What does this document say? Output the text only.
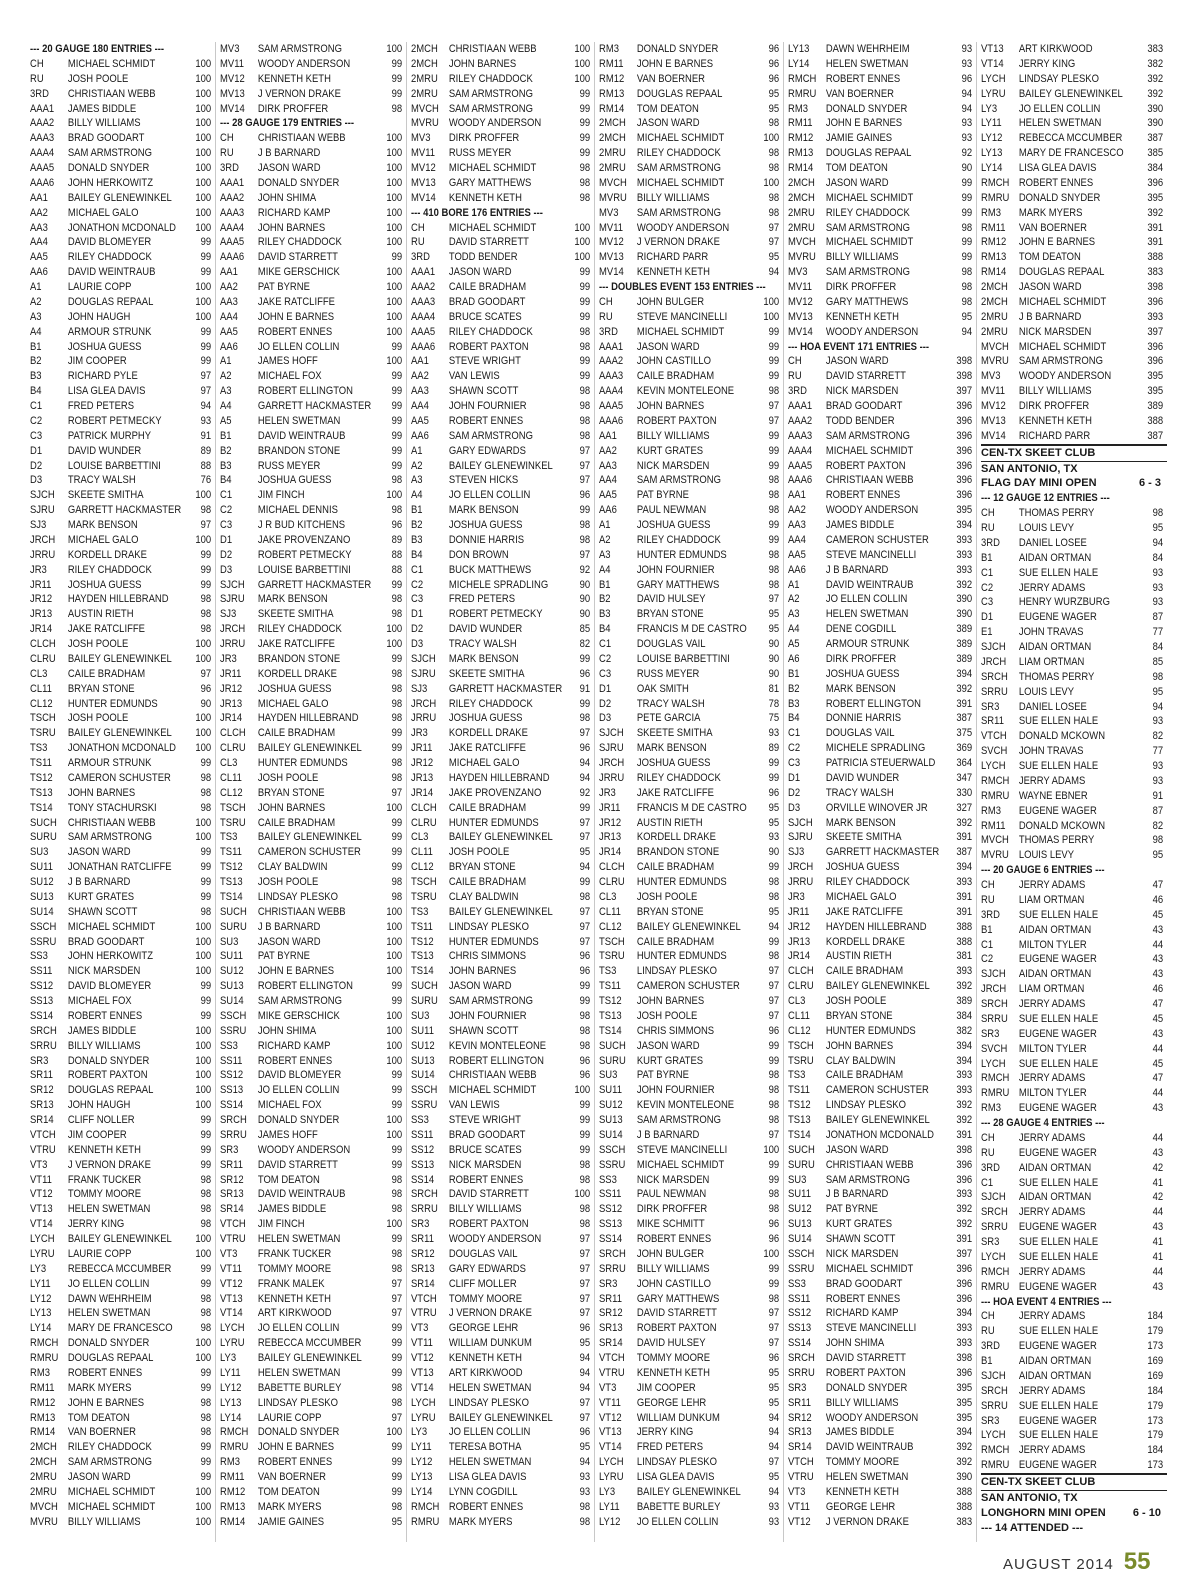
--- 20 GAUGE 180 ENTRIES ---
CH	MICHAEL SCHMIDT	100
RU	JOSH POOLE	100
3RD	CHRISTIAAN WEBB	100
AAA1	JAMES BIDDLE	100
AAA2	BILLY WILLIAMS	100
AAA3	BRAD GOODART	100
AAA4	SAM ARMSTRONG	100
AAA5	DONALD SNYDER	100
AAA6	JOHN HERKOWITZ	100
AA1	BAILEY GLENEWINKEL	100
AA2	MICHAEL GALO	100
AA3	JONATHON MCDONALD	100
AA4	DAVID BLOMEYER	99
AA5	RILEY CHADDOCK	99
AA6	DAVID WEINTRAUB	99
A1	LAURIE COPP	100
A2	DOUGLAS REPAAL	100
A3	JOHN HAUGH	100
A4	ARMOUR STRUNK	99
B1	JOSHUA GUESS	99
B2	JIM COOPER	99
B3	RICHARD PYLE	97
B4	LISA GLEA DAVIS	97
C1	FRED PETERS	94
C2	ROBERT PETMECKY	93
C3	PATRICK MURPHY	91
D1	DAVID WUNDER	89
D2	LOUISE BARBETTINI	88
D3	TRACY WALSH	76
SJCH	SKEETE SMITHA	100
SJRU	GARRETT HACKMASTER	98
SJ3	MARK BENSON	97
JRCH	MICHAEL GALO	100
JRRU	KORDELL DRAKE	99
JR3	RILEY CHADDOCK	99
JR11	JOSHUA GUESS	99
JR12	HAYDEN HILLEBRAND	98
JR13	AUSTIN RIETH	98
JR14	JAKE RATCLIFFE	98
CLCH	JOSH POOLE	100
CLRU	BAILEY GLENEWINKEL	100
CL3	CAILE BRADHAM	97
CL11	BRYAN STONE	96
CL12	HUNTER EDMUNDS	90
TSCH	JOSH POOLE	100
TSRU	BAILEY GLENEWINKEL	100
TS3	JONATHON MCDONALD	100
TS11	ARMOUR STRUNK	99
TS12	CAMERON SCHUSTER	98
TS13	JOHN BARNES	98
TS14	TONY STACHURSKI	98
SUCH	CHRISTIAAN WEBB	100
SURU	SAM ARMSTRONG	100
SU3	JASON WARD	99
SU11	JONATHAN RATCLIFFE	99
SU12	J B BARNARD	99
SU13	KURT GRATES	99
SU14	SHAWN SCOTT	98
SSCH	MICHAEL SCHMIDT	100
SSRU	BRAD GOODART	100
SS3	JOHN HERKOWITZ	100
SS11	NICK MARSDEN	100
SS12	DAVID BLOMEYER	99
SS13	MICHAEL FOX	99
SS14	ROBERT ENNES	99
SRCH	JAMES BIDDLE	100
SRRU	BILLY WILLIAMS	100
SR3	DONALD SNYDER	100
SR11	ROBERT PAXTON	100
SR12	DOUGLAS REPAAL	100
SR13	JOHN HAUGH	100
SR14	CLIFF NOLLER	99
VTCH	JIM COOPER	99
VTRU	KENNETH KETH	99
VT3	J VERNON DRAKE	99
VT11	FRANK TUCKER	98
VT12	TOMMY MOORE	98
VT13	HELEN SWETMAN	98
VT14	JERRY KING	98
LYCH	BAILEY GLENEWINKEL	100
LYRU	LAURIE COPP	100
LY3	REBECCA MCCUMBER	99
LY11	JO ELLEN COLLIN	99
LY12	DAWN WEHRHEIM	98
LY13	HELEN SWETMAN	98
LY14	MARY DE FRANCESCO	98
RMCH DONALD SNYDER	100
RMRU DOUGLAS REPAAL	100
RM3	ROBERT ENNES	99
RM11	MARK MYERS	99
RM12	JOHN E BARNES	98
RM13	TOM DEATON	98
RM14	VAN BOERNER	98
2MCH	RILEY CHADDOCK	99
2MCH	SAM ARMSTRONG	99
2MRU	JASON WARD	99
2MRU	MICHAEL SCHMIDT	100
MVCH MICHAEL SCHMIDT	100
MVRU BILLY WILLIAMS	100
MV3	SAM ARMSTRONG	100
MV11	WOODY ANDERSON	99
MV12	KENNETH KETH	99
MV13	J VERNON DRAKE	99
MV14	DIRK PROFFER	98
--- 28 GAUGE 179 ENTRIES ---
CH	CHRISTIAAN WEBB	100
RU	J B BARNARD	100
3RD	JASON WARD	100
AAA1	DONALD SNYDER	100
AAA2	JOHN SHIMA	100
AAA3	RICHARD KAMP	100
AAA4	JOHN BARNES	100
AAA5	RILEY CHADDOCK	100
AAA6	DAVID STARRETT	99
AA1	MIKE GERSCHICK	100
AA2	PAT BYRNE	100
AA3	JAKE RATCLIFFE	100
AA4	JOHN E BARNES	100
AA5	ROBERT ENNES	100
AA6	JO ELLEN COLLIN	99
A1	JAMES HOFF	100
A2	MICHAEL FOX	99
A3	ROBERT ELLINGTON	99
A4	GARRETT HACKMASTER	99
A5	HELEN SWETMAN	99
B1	DAVID WEINTRAUB	99
B2	BRANDON STONE	99
B3	RUSS MEYER	99
B4	JOSHUA GUESS	98
C1	JIM FINCH	100
C2	MICHAEL DENNIS	98
C3	J R BUD KITCHENS	96
D1	JAKE PROVENZANO	89
D2	ROBERT PETMECKY	88
D3	LOUISE BARBETTINI	88
SJCH	GARRETT HACKMASTER	99
SJRU	MARK BENSON	98
SJ3	SKEETE SMITHA	98
JRCH	RILEY CHADDOCK	100
JRRU	JAKE RATCLIFFE	100
JR3	BRANDON STONE	99
JR11	KORDELL DRAKE	98
JR12	JOSHUA GUESS	98
JR13	MICHAEL GALO	98
JR14	HAYDEN HILLEBRAND	98
CLCH	CAILE BRADHAM	99
CLRU	BAILEY GLENEWINKEL	99
CL3	HUNTER EDMUNDS	98
CL11	JOSH POOLE	98
CL12	BRYAN STONE	97
TSCH	JOHN BARNES	100
TSRU	CAILE BRADHAM	99
TS3	BAILEY GLENEWINKEL	99
TS11	CAMERON SCHUSTER	99
TS12	CLAY BALDWIN	99
TS13	JOSH POOLE	98
TS14	LINDSAY PLESKO	98
SUCH	CHRISTIAAN WEBB	100
SURU	J B BARNARD	100
SU3	JASON WARD	100
SU11	PAT BYRNE	100
SU12	JOHN E BARNES	100
SU13	ROBERT ELLINGTON	99
SU14	SAM ARMSTRONG	99
SSCH	MIKE GERSCHICK	100
SSRU	JOHN SHIMA	100
SS3	RICHARD KAMP	100
SS11	ROBERT ENNES	100
SS12	DAVID BLOMEYER	99
SS13	JO ELLEN COLLIN	99
SS14	MICHAEL FOX	99
SRCH	DONALD SNYDER	100
SRRU	JAMES HOFF	100
SR3	WOODY ANDERSON	99
SR11	DAVID STARRETT	99
SR12	TOM DEATON	98
SR13	DAVID WEINTRAUB	98
SR14	JAMES BIDDLE	98
VTCH	JIM FINCH	100
VTRU	HELEN SWETMAN	99
VT3	FRANK TUCKER	98
VT11	TOMMY MOORE	98
VT12	FRANK MALEK	97
VT13	KENNETH KETH	97
VT14	ART KIRKWOOD	97
LYCH	JO ELLEN COLLIN	99
LYRU	REBECCA MCCUMBER	99
LY3	BAILEY GLENEWINKEL	99
LY11	HELEN SWETMAN	99
LY12	BABETTE BURLEY	98
LY13	LINDSAY PLESKO	98
LY14	LAURIE COPP	97
RMCH DONALD SNYDER	100
RMRU JOHN E BARNES	99
RM3	ROBERT ENNES	99
RM11	VAN BOERNER	99
RM12	TOM DEATON	99
RM13	MARK MYERS	98
RM14	JAMIE GAINES	95
2MCH	CHRISTIAAN WEBB	100
2MCH	JOHN BARNES	100
2MRU	RILEY CHADDOCK	100
2MRU	SAM ARMSTRONG	99
MVCH SAM ARMSTRONG	99
MVRU WOODY ANDERSON	99
MV3	DIRK PROFFER	99
MV11	RUSS MEYER	99
MV12	MICHAEL SCHMIDT	98
MV13	GARY MATTHEWS	98
MV14	KENNETH KETH	98
--- 410 BORE 176 ENTRIES ---
CH	MICHAEL SCHMIDT	100
RU	DAVID STARRETT	100
3RD	TODD BENDER	100
AAA1	JASON WARD	99
AAA2	CAILE BRADHAM	99
AAA3	BRAD GOODART	99
AAA4	BRUCE SCATES	99
AAA5	RILEY CHADDOCK	98
AAA6	ROBERT PAXTON	98
AA1	STEVE WRIGHT	99
AA2	VAN LEWIS	99
AA3	SHAWN SCOTT	98
AA4	JOHN FOURNIER	98
AA5	ROBERT ENNES	98
AA6	SAM ARMSTRONG	98
A1	GARY EDWARDS	97
A2	BAILEY GLENEWINKEL	97
A3	STEVEN HICKS	97
A4	JO ELLEN COLLIN	96
B1	MARK BENSON	99
B2	JOSHUA GUESS	98
B3	DONNIE HARRIS	98
B4	DON BROWN	97
C1	BUCK MATTHEWS	92
C2	MICHELE SPRADLING	90
C3	FRED PETERS	90
D1	ROBERT PETMECKY	90
D2	DAVID WUNDER	85
D3	TRACY WALSH	82
SJCH	MARK BENSON	99
SJRU	SKEETE SMITHA	96
SJ3	GARRETT HACKMASTER	91
JRCH	RILEY CHADDOCK	99
JRRU	JOSHUA GUESS	98
JR3	KORDELL DRAKE	97
JR11	JAKE RATCLIFFE	96
JR12	MICHAEL GALO	94
JR13	HAYDEN HILLEBRAND	94
JR14	JAKE PROVENZANO	92
CLCH	CAILE BRADHAM	99
CLRU	HUNTER EDMUNDS	97
CL3	BAILEY GLENEWINKEL	97
CL11	JOSH POOLE	95
CL12	BRYAN STONE	94
TSCH	CAILE BRADHAM	99
TSRU	CLAY BALDWIN	98
TS3	BAILEY GLENEWINKEL	97
TS11	LINDSAY PLESKO	97
TS12	HUNTER EDMUNDS	97
TS13	CHRIS SIMMONS	96
TS14	JOHN BARNES	96
SUCH	JASON WARD	99
SURU	SAM ARMSTRONG	99
SU3	JOHN FOURNIER	98
SU11	SHAWN SCOTT	98
SU12	KEVIN MONTELEONE	98
SU13	ROBERT ELLINGTON	96
SU14	CHRISTIAAN WEBB	96
SSCH	MICHAEL SCHMIDT	100
SSRU	VAN LEWIS	99
SS3	STEVE WRIGHT	99
SS11	BRAD GOODART	99
SS12	BRUCE SCATES	99
SS13	NICK MARSDEN	98
SS14	ROBERT ENNES	98
SRCH	DAVID STARRETT	100
SRRU	BILLY WILLIAMS	98
SR3	ROBERT PAXTON	98
SR11	WOODY ANDERSON	97
SR12	DOUGLAS VAIL	97
SR13	GARY EDWARDS	97
SR14	CLIFF MOLLER	97
VTCH	TOMMY MOORE	97
VTRU	J VERNON DRAKE	97
VT3	GEORGE LEHR	96
VT11	WILLIAM DUNKUM	95
VT12	KENNETH KETH	94
VT13	ART KIRKWOOD	94
VT14	HELEN SWETMAN	94
LYCH	LINDSAY PLESKO	97
LYRU	BAILEY GLENEWINKEL	97
LY3	JO ELLEN COLLIN	96
LY11	TERESA BOTHA	95
LY12	HELEN SWETMAN	94
LY13	LISA GLEA DAVIS	93
LY14	LYNN COGDILL	93
RMCH ROBERT ENNES	98
RMRU MARK MYERS	98
RM3	DONALD SNYDER	96
RM11	JOHN E BARNES	96
RM12	VAN BOERNER	96
RM13	DOUGLAS REPAAL	95
RM14	TOM DEATON	95
2MCH	JASON WARD	98
2MCH	MICHAEL SCHMIDT	100
2MRU	RILEY CHADDOCK	98
2MRU	SAM ARMSTRONG	98
MVCH MICHAEL SCHMIDT	100
MVRU BILLY WILLIAMS	98
MV3	SAM ARMSTRONG	98
MV11	WOODY ANDERSON	97
MV12	J VERNON DRAKE	97
MV13	RICHARD PARR	95
MV14	KENNETH KETH	94
--- DOUBLES EVENT 153 ENTRIES ---
CH	JOHN BULGER	100
RU	STEVE MANCINELLI	100
3RD	MICHAEL SCHMIDT	99
AAA1	JASON WARD	99
AAA2	JOHN CASTILLO	99
AAA3	CAILE BRADHAM	99
AAA4	KEVIN MONTELEONE	98
AAA5	JOHN BARNES	97
AAA6	ROBERT PAXTON	97
AA1	BILLY WILLIAMS	99
AA2	KURT GRATES	99
AA3	NICK MARSDEN	99
AA4	SAM ARMSTRONG	98
AA5	PAT BYRNE	98
AA6	PAUL NEWMAN	98
A1	JOSHUA GUESS	99
A2	RILEY CHADDOCK	99
A3	HUNTER EDMUNDS	98
A4	JOHN FOURNIER	98
B1	GARY MATTHEWS	98
B2	DAVID HULSEY	97
B3	BRYAN STONE	95
B4	FRANCIS M DE CASTRO	95
C1	DOUGLAS VAIL	90
C2	LOUISE BARBETTINI	90
C3	RUSS MEYER	90
D1	OAK SMITH	81
D2	TRACY WALSH	78
D3	PETE GARCIA	75
SJCH	SKEETE SMITHA	93
SJRU	MARK BENSON	89
JRCH	JOSHUA GUESS	99
JRRU	RILEY CHADDOCK	99
JR3	JAKE RATCLIFFE	96
JR11	FRANCIS M DE CASTRO	95
JR12	AUSTIN RIETH	95
JR13	KORDELL DRAKE	93
JR14	BRANDON STONE	90
CLCH	CAILE BRADHAM	99
CLRU	HUNTER EDMUNDS	98
CL3	JOSH POOLE	98
CL11	BRYAN STONE	95
CL12	BAILEY GLENEWINKEL	94
TSCH	CAILE BRADHAM	99
TSRU	HUNTER EDMUNDS	98
TS3	LINDSAY PLESKO	97
TS11	CAMERON SCHUSTER	97
TS12	JOHN BARNES	97
TS13	JOSH POOLE	97
TS14	CHRIS SIMMONS	96
SUCH	JASON WARD	99
SURU	KURT GRATES	99
SU3	PAT BYRNE	98
SU11	JOHN FOURNIER	98
SU12	KEVIN MONTELEONE	98
SU13	SAM ARMSTRONG	98
SU14	J B BARNARD	97
SSCH	STEVE MANCINELLI	100
SSRU	MICHAEL SCHMIDT	99
SS3	NICK MARSDEN	99
SS11	PAUL NEWMAN	98
SS12	DIRK PROFFER	98
SS13	MIKE SCHMITT	96
SS14	ROBERT ENNES	96
SRCH	JOHN BULGER	100
SRRU	BILLY WILLIAMS	99
SR3	JOHN CASTILLO	99
SR11	GARY MATTHEWS	98
SR12	DAVID STARRETT	97
SR13	ROBERT PAXTON	97
SR14	DAVID HULSEY	97
VTCH	TOMMY MOORE	96
VTRU	KENNETH KETH	95
VT3	JIM COOPER	95
VT11	GEORGE LEHR	95
VT12	WILLIAM DUNKUM	94
VT13	JERRY KING	94
VT14	FRED PETERS	94
LYCH	LINDSAY PLESKO	97
LYRU	LISA GLEA DAVIS	95
LY3	BAILEY GLENEWINKEL	94
LY11	BABETTE BURLEY	93
LY12	JO ELLEN COLLIN	93
LY13	DAWN WEHRHEIM	93
LY14	HELEN SWETMAN	93
RMCH ROBERT ENNES	96
RMRU VAN BOERNER	94
RM3	DONALD SNYDER	94
RM11	JOHN E BARNES	93
RM12	JAMIE GAINES	93
RM13	DOUGLAS REPAAL	92
RM14	TOM DEATON	90
2MCH	JASON WARD	99
2MCH	MICHAEL SCHMIDT	99
2MRU	RILEY CHADDOCK	99
2MRU	SAM ARMSTRONG	98
MVCH MICHAEL SCHMIDT	99
MVRU BILLY WILLIAMS	99
MV3	SAM ARMSTRONG	98
MV11	DIRK PROFFER	98
MV12	GARY MATTHEWS	98
MV13	KENNETH KETH	95
MV14	WOODY ANDERSON	94
--- HOA EVENT 171 ENTRIES ---
CH	JASON WARD	398
RU	DAVID STARRETT	398
3RD	NICK MARSDEN	397
AAA1	BRAD GOODART	396
AAA2	TODD BENDER	396
AAA3	SAM ARMSTRONG	396
AAA4	MICHAEL SCHMIDT	396
AAA5	ROBERT PAXTON	396
AAA6	CHRISTIAAN WEBB	396
AA1	ROBERT ENNES	396
AA2	WOODY ANDERSON	395
AA3	JAMES BIDDLE	394
AA4	CAMERON SCHUSTER	393
AA5	STEVE MANCINELLI	393
AA6	J B BARNARD	393
A1	DAVID WEINTRAUB	392
A2	JO ELLEN COLLIN	390
A3	HELEN SWETMAN	390
A4	DENE COGDILL	389
A5	ARMOUR STRUNK	389
A6	DIRK PROFFER	389
B1	JOSHUA GUESS	394
B2	MARK BENSON	392
B3	ROBERT ELLINGTON	391
B4	DONNIE HARRIS	387
C1	DOUGLAS VAIL	375
C2	MICHELE SPRADLING	369
C3	PATRICIA STEUERWALD	364
D1	DAVID WUNDER	347
D2	TRACY WALSH	330
D3	ORVILLE WINOVER JR	327
SJCH	MARK BENSON	392
SJRU	SKEETE SMITHA	391
SJ3	GARRETT HACKMASTER	387
JRCH	JOSHUA GUESS	394
JRRU	RILEY CHADDOCK	393
JR3	MICHAEL GALO	391
JR11	JAKE RATCLIFFE	391
JR12	HAYDEN HILLEBRAND	388
JR13	KORDELL DRAKE	388
JR14	AUSTIN RIETH	381
CLCH	CAILE BRADHAM	393
CLRU	BAILEY GLENEWINKEL	392
CL3	JOSH POOLE	389
CL11	BRYAN STONE	384
CL12	HUNTER EDMUNDS	382
TSCH	JOHN BARNES	394
TSRU	CLAY BALDWIN	394
TS3	CAILE BRADHAM	393
TS11	CAMERON SCHUSTER	393
TS12	LINDSAY PLESKO	392
TS13	BAILEY GLENEWINKEL	392
TS14	JONATHON MCDONALD	391
SUCH	JASON WARD	398
SURU	CHRISTIAAN WEBB	396
SU3	SAM ARMSTRONG	396
SU11	J B BARNARD	393
SU12	PAT BYRNE	392
SU13	KURT GRATES	392
SU14	SHAWN SCOTT	391
SSCH	NICK MARSDEN	397
SSRU	MICHAEL SCHMIDT	396
SS3	BRAD GOODART	396
SS11	ROBERT ENNES	396
SS12	RICHARD KAMP	394
SS13	STEVE MANCINELLI	393
SS14	JOHN SHIMA	393
SRCH	DAVID STARRETT	398
SRRU	ROBERT PAXTON	396
SR3	DONALD SNYDER	395
SR11	BILLY WILLIAMS	395
SR12	WOODY ANDERSON	395
SR13	JAMES BIDDLE	394
SR14	DAVID WEINTRAUB	392
VTCH	TOMMY MOORE	392
VTRU	HELEN SWETMAN	390
VT3	KENNETH KETH	388
VT11	GEORGE LEHR	388
VT12	J VERNON DRAKE	383
VT13	ART KIRKWOOD	383
VT14	JERRY KING	382
LYCH	LINDSAY PLESKO	392
LYRU	BAILEY GLENEWINKEL	392
LY3	JO ELLEN COLLIN	390
LY11	HELEN SWETMAN	390
LY12	REBECCA MCCUMBER	387
LY13	MARY DE FRANCESCO	385
LY14	LISA GLEA DAVIS	384
RMCH ROBERT ENNES	396
RMRU DONALD SNYDER	395
RM3	MARK MYERS	392
RM11	VAN BOERNER	391
RM12	JOHN E BARNES	391
RM13	TOM DEATON	388
RM14	DOUGLAS REPAAL	383
2MCH	JASON WARD	398
2MCH	MICHAEL SCHMIDT	396
2MRU	J B BARNARD	393
2MRU	NICK MARSDEN	397
MVCH MICHAEL SCHMIDT	396
MVRU SAM ARMSTRONG	396
MV3	WOODY ANDERSON	395
MV11	BILLY WILLIAMS	395
MV12	DIRK PROFFER	389
MV13	KENNETH KETH	388
MV14	RICHARD PARR	387
CEN-TX SKEET CLUB
SAN ANTONIO, TX
FLAG DAY MINI OPEN	6 - 3
--- 12 GAUGE 12 ENTRIES ---
CH	THOMAS PERRY	98
RU	LOUIS LEVY	95
3RD	DANIEL LOSEE	94
B1	AIDAN ORTMAN	84
C1	SUE ELLEN HALE	93
C2	JERRY ADAMS	93
C3	HENRY WURZBURG	93
D1	EUGENE WAGER	87
E1	JOHN TRAVAS	77
SJCH	AIDAN ORTMAN	84
JRCH	LIAM ORTMAN	85
SRCH	THOMAS PERRY	98
SRRU	LOUIS LEVY	95
SR3	DANIEL LOSEE	94
SR11	SUE ELLEN HALE	93
VTCH	DONALD MCKOWN	82
SVCH	JOHN TRAVAS	77
LYCH	SUE ELLEN HALE	93
RMCH JERRY ADAMS	93
RMRU WAYNE EBNER	91
RM3	EUGENE WAGER	87
RM11	DONALD MCKOWN	82
MVCH THOMAS PERRY	98
MVRU LOUIS LEVY	95
--- 20 GAUGE 6 ENTRIES ---
CH	JERRY ADAMS	47
RU	LIAM ORTMAN	46
3RD	SUE ELLEN HALE	45
B1	AIDAN ORTMAN	43
C1	MILTON TYLER	44
C2	EUGENE WAGER	43
SJCH	AIDAN ORTMAN	43
JRCH	LIAM ORTMAN	46
SRCH	JERRY ADAMS	47
SRRU	SUE ELLEN HALE	45
SR3	EUGENE WAGER	43
SVCH	MILTON TYLER	44
LYCH	SUE ELLEN HALE	45
RMCH JERRY ADAMS	47
RMRU MILTON TYLER	44
RM3	EUGENE WAGER	43
--- 28 GAUGE 4 ENTRIES ---
CH	JERRY ADAMS	44
RU	EUGENE WAGER	43
3RD	AIDAN ORTMAN	42
C1	SUE ELLEN HALE	41
SJCH	AIDAN ORTMAN	42
SRCH	JERRY ADAMS	44
SRRU	EUGENE WAGER	43
SR3	SUE ELLEN HALE	41
LYCH	SUE ELLEN HALE	41
RMCH JERRY ADAMS	44
RMRU EUGENE WAGER	43
--- HOA EVENT 4 ENTRIES ---
CH	JERRY ADAMS	184
RU	SUE ELLEN HALE	179
3RD	EUGENE WAGER	173
B1	AIDAN ORTMAN	169
SJCH	AIDAN ORTMAN	169
SRCH	JERRY ADAMS	184
SRRU	SUE ELLEN HALE	179
SR3	EUGENE WAGER	173
LYCH	SUE ELLEN HALE	179
RMCH JERRY ADAMS	184
RMRU EUGENE WAGER	173
CEN-TX SKEET CLUB
SAN ANTONIO, TX
LONGHORN MINI OPEN 6 - 10
--- 14 ATTENDED ---
AUGUST 2014 55
